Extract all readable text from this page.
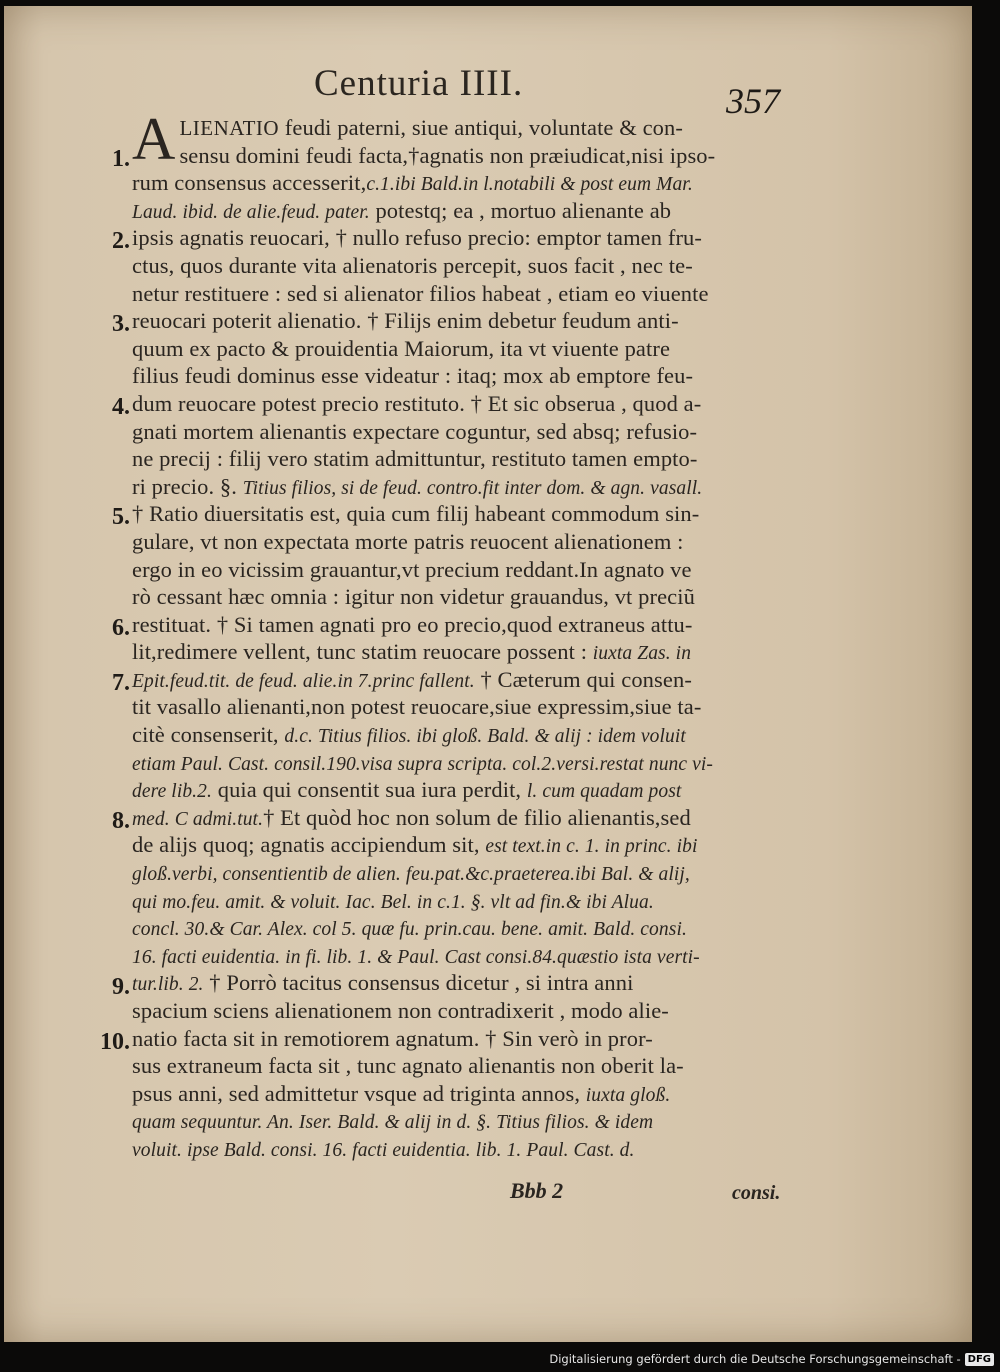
Centuria IIII.	357
ALIENATIO feudi paterni, siue antiqui, voluntate & con-
sensu domini feudi facta,†agnatis non præiudicat,nisi ipso-
rum consensus accesserit,c.1.ibi Bald.in l.notabili & post eum Mar.
Laud. ibid. de alie.feud. pater. potestq; ea , mortuo alienante ab
ipsis agnatis reuocari, † nullo refuso precio: emptor tamen fru-
ctus, quos durante vita alienatoris percepit, suos facit , nec te-
netur restituere : sed si alienator filios habeat , etiam eo viuente
reuocari poterit alienatio. † Filijs enim debetur feudum anti-
quum ex pacto & prouidentia Maiorum, ita vt viuente patre
filius feudi dominus esse videatur : itaq; mox ab emptore feu-
dum reuocare potest precio restituto. † Et sic obserua , quod a-
gnati mortem alienantis expectare coguntur, sed absq; refusio-
ne precij : filij vero statim admittuntur, restituto tamen empto-
ri precio. §. Titius filios, si de feud. contro.fit inter dom. & agn. vasall.
† Ratio diuersitatis est, quia cum filij habeant commodum sin-
gulare, vt non expectata morte patris reuocent alienationem :
ergo in eo vicissim grauantur,vt precium reddant.In agnato ve
rò cessant hæc omnia : igitur non videtur grauandus, vt preciũ
restituat. † Si tamen agnati pro eo precio,quod extraneus attu-
lit,redimere vellent, tunc statim reuocare possent : iuxta Zas. in
Epit.feud.tit. de feud. alie.in 7.princ fallent. † Cæterum qui consen-
tit vasallo alienanti,non potest reuocare,siue expressim,siue ta-
citè consenserit, d.c. Titius filios. ibi gloß. Bald. & alij : idem voluit
etiam Paul. Cast. consil.190.visa supra scripta. col.2.versi.restat nunc vi-
dere lib.2. quia qui consentit sua iura perdit, l. cum quadam post
med. C admi.tut.† Et quòd hoc non solum de filio alienantis,sed
de alijs quoq; agnatis accipiendum sit, est text.in c. 1. in princ. ibi
gloß.verbi, consentientib de alien. feu.pat.&c.praeterea.ibi Bal. & alij,
qui mo.feu. amit. & voluit. Iac. Bel. in c.1. §. vlt ad fin.& ibi Alua.
concl. 30.& Car. Alex. col 5. quæ fu. prin.cau. bene. amit. Bald. consi.
16. facti euidentia. in fi. lib. 1. & Paul. Cast consi.84.quæstio ista verti-
tur.lib. 2. † Porrò tacitus consensus dicetur , si intra anni
spacium sciens alienationem non contradixerit , modo alie-
natio facta sit in remotiorem agnatum. † Sin verò in pror-
sus extraneum facta sit , tunc agnato alienantis non oberit la-
psus anni, sed admittetur vsque ad triginta annos, iuxta gloß.
quam sequuntur. An. Iser. Bald. & alij in d. §. Titius filios. & idem
voluit. ipse Bald. consi. 16. facti euidentia. lib. 1. Paul. Cast. d.
1.
2.
3.
4.
5.
6.
7.
8.
9.
10.
Bbb 2	consi.
Digitalisierung gefördert durch die Deutsche Forschungsgemeinschaft - DFG
